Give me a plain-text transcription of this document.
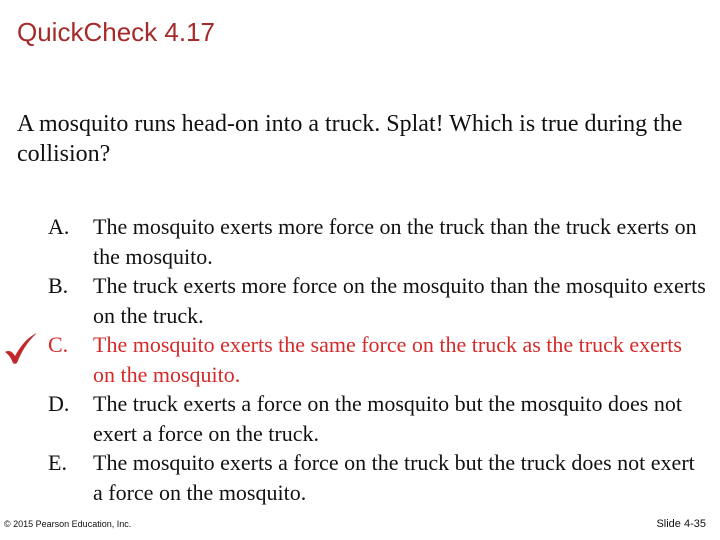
QuickCheck 4.17

A mosquito runs head-on into a truck. Splat! Which is true during the collision?

A. The mosquito exerts more force on the truck than the truck exerts on the mosquito.
B. The truck exerts more force on the mosquito than the mosquito exerts on the truck.
C. The mosquito exerts the same force on the truck as the truck exerts on the mosquito.
D. The truck exerts a force on the mosquito but the mosquito does not exert a force on the truck.
E. The mosquito exerts a force on the truck but the truck does not exert a force on the mosquito.
© 2015 Pearson Education, Inc.	Slide 4-35
